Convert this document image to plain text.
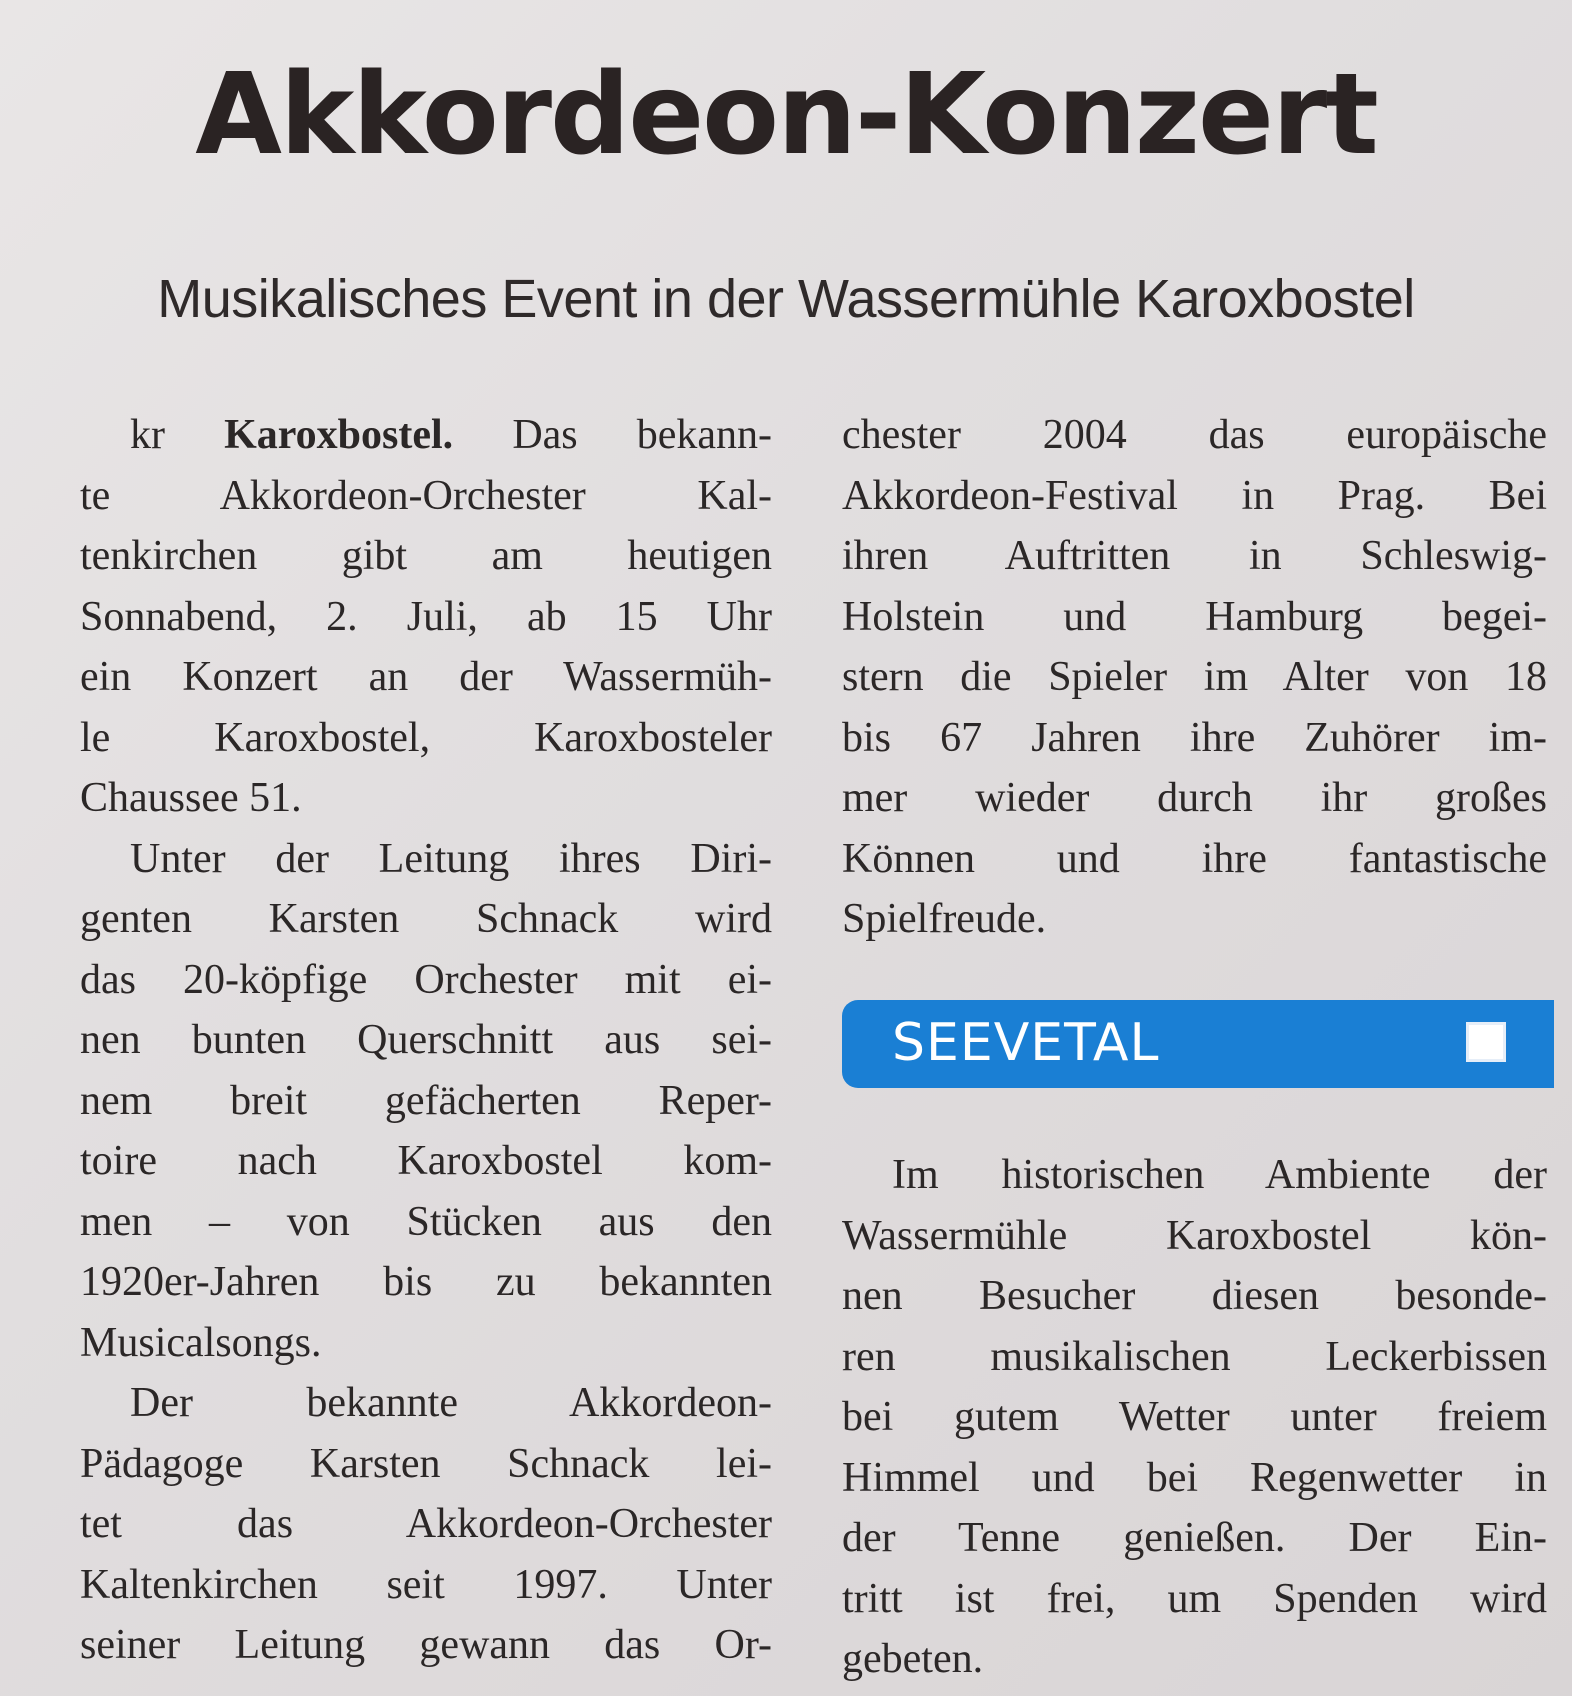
Akkordeon-Konzert
Musikalisches Event in der Wassermühle Karoxbostel
kr Karoxbostel. Das bekann-
te Akkordeon-Orchester Kal-
tenkirchen gibt am heutigen
Sonnabend, 2. Juli, ab 15 Uhr
ein Konzert an der Wassermüh-
le Karoxbostel, Karoxbosteler
Chaussee 51.
Unter der Leitung ihres Diri-
genten Karsten Schnack wird
das 20-köpfige Orchester mit ei-
nen bunten Querschnitt aus sei-
nem breit gefächerten Reper-
toire nach Karoxbostel kom-
men – von Stücken aus den
1920er-Jahren bis zu bekannten
Musicalsongs.
Der bekannte Akkordeon-
Pädagoge Karsten Schnack lei-
tet das Akkordeon-Orchester
Kaltenkirchen seit 1997. Unter
seiner Leitung gewann das Or-
chester 2004 das europäische
Akkordeon-Festival in Prag. Bei
ihren Auftritten in Schleswig-
Holstein und Hamburg begei-
stern die Spieler im Alter von 18
bis 67 Jahren ihre Zuhörer im-
mer wieder durch ihr großes
Können und ihre fantastische
Spielfreude.
SEEVETAL
Im historischen Ambiente der
Wassermühle Karoxbostel kön-
nen Besucher diesen besonde-
ren musikalischen Leckerbissen
bei gutem Wetter unter freiem
Himmel und bei Regenwetter in
der Tenne genießen. Der Ein-
tritt ist frei, um Spenden wird
gebeten.
